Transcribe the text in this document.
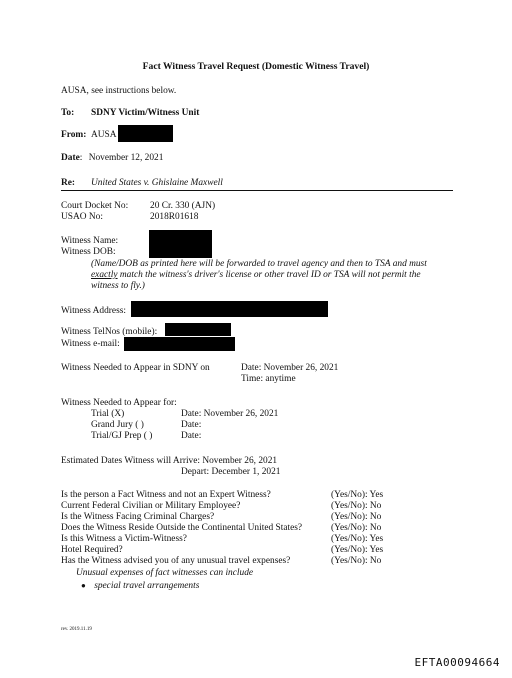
Fact Witness Travel Request (Domestic Witness Travel)
AUSA, see instructions below.
To: SDNY Victim/Witness Unit
From: AUSA
Date: November 12, 2021
Re: United States v. Ghislaine Maxwell
Court Docket No: 20 Cr. 330 (AJN)
USAO No:	2018R01618
Witness Name:
Witness DOB:
(Name/DOB as printed here will be forwarded to travel agency and then to TSA and must
exactly match the witness's driver's license or other travel ID or TSA will not permit the
witness to fly.)
Witness Address:
Witness TelNos (mobile):
Witness e-mail:
Witness Needed to Appear in SDNY on	Date: November 26, 2021
Time: anytime
Witness Needed to Appear for:
Trial (X)	Date: November 26, 2021
Grand Jury ( )	Date:
Trial/GJ Prep ( )	Date:
Estimated Dates Witness will Arrive: November 26, 2021
Depart: December 1, 2021
Is the person a Fact Witness and not an Expert Witness?	(Yes/No): Yes
Current Federal Civilian or Military Employee?	(Yes/No): No
Is the Witness Facing Criminal Charges?	(Yes/No): No
Does the Witness Reside Outside the Continental United States?	(Yes/No): No
Is this Witness a Victim-Witness?	(Yes/No): Yes
Hotel Required?	(Yes/No): Yes
Has the Witness advised you of any unusual travel expenses?	(Yes/No): No
Unusual expenses of fact witnesses can include
● special travel arrangements
rev. 2019.11.19
EFTA00094664
